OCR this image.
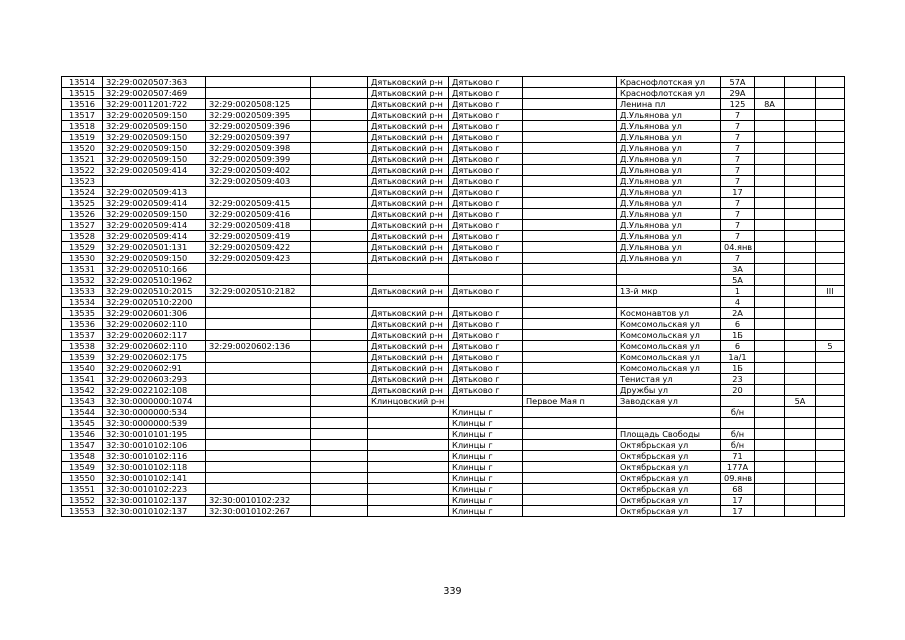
13514	32:29:0020507:363			Дятьковский р-н	Дятьково г		Краснофлотская ул	57А			
13515	32:29:0020507:469			Дятьковский р-н	Дятьково г		Краснофлотская ул	29А			
13516	32:29:0011201:722	32:29:0020508:125		Дятьковский р-н	Дятьково г		Ленина пл	125	8А		
13517	32:29:0020509:150	32:29:0020509:395		Дятьковский р-н	Дятьково г		Д.Ульянова ул	7			
13518	32:29:0020509:150	32:29:0020509:396		Дятьковский р-н	Дятьково г		Д.Ульянова ул	7			
13519	32:29:0020509:150	32:29:0020509:397		Дятьковский р-н	Дятьково г		Д.Ульянова ул	7			
13520	32:29:0020509:150	32:29:0020509:398		Дятьковский р-н	Дятьково г		Д.Ульянова ул	7			
13521	32:29:0020509:150	32:29:0020509:399		Дятьковский р-н	Дятьково г		Д.Ульянова ул	7			
13522	32:29:0020509:414	32:29:0020509:402		Дятьковский р-н	Дятьково г		Д.Ульянова ул	7			
13523		32:29:0020509:403		Дятьковский р-н	Дятьково г		Д.Ульянова ул	7			
13524	32:29:0020509:413			Дятьковский р-н	Дятьково г		Д.Ульянова ул	17			
13525	32:29:0020509:414	32:29:0020509:415		Дятьковский р-н	Дятьково г		Д.Ульянова ул	7			
13526	32:29:0020509:150	32:29:0020509:416		Дятьковский р-н	Дятьково г		Д.Ульянова ул	7			
13527	32:29:0020509:414	32:29:0020509:418		Дятьковский р-н	Дятьково г		Д.Ульянова ул	7			
13528	32:29:0020509:414	32:29:0020509:419		Дятьковский р-н	Дятьково г		Д.Ульянова ул	7			
13529	32:29:0020501:131	32:29:0020509:422		Дятьковский р-н	Дятьково г		Д.Ульянова ул	04.янв			
13530	32:29:0020509:150	32:29:0020509:423		Дятьковский р-н	Дятьково г		Д.Ульянова ул	7			
13531	32:29:0020510:166							3А			
13532	32:29:0020510:1962							5А			
13533	32:29:0020510:2015	32:29:0020510:2182		Дятьковский р-н	Дятьково г		13-й мкр	1			III
13534	32:29:0020510:2200							4			
13535	32:29:0020601:306			Дятьковский р-н	Дятьково г		Космонавтов ул	2А			
13536	32:29:0020602:110			Дятьковский р-н	Дятьково г		Комсомольская ул	6			
13537	32:29:0020602:117			Дятьковский р-н	Дятьково г		Комсомольская ул	1Б			
13538	32:29:0020602:110	32:29:0020602:136		Дятьковский р-н	Дятьково г		Комсомольская ул	6			5
13539	32:29:0020602:175			Дятьковский р-н	Дятьково г		Комсомольская ул	1а/1			
13540	32:29:0020602:91			Дятьковский р-н	Дятьково г		Комсомольская ул	1Б			
13541	32:29:0020603:293			Дятьковский р-н	Дятьково г		Тенистая ул	23			
13542	32:29:0022102:108			Дятьковский р-н	Дятьково г		Дружбы ул	20			
13543	32:30:0000000:1074			Клинцовский р-н		Первое Мая п	Заводская ул			5А	
13544	32:30:0000000:534				Клинцы г			б/н			
13545	32:30:0000000:539				Клинцы г						
13546	32:30:0010101:195				Клинцы г		Площадь Свободы	б/н			
13547	32:30:0010102:106				Клинцы г		Октябрьская ул	б/н			
13548	32:30:0010102:116				Клинцы г		Октябрьская ул	71			
13549	32:30:0010102:118				Клинцы г		Октябрьская ул	177А			
13550	32:30:0010102:141				Клинцы г		Октябрьская ул	09.янв			
13551	32:30:0010102:223				Клинцы г		Октябрьская ул	68			
13552	32:30:0010102:137	32:30:0010102:232			Клинцы г		Октябрьская ул	17			
13553	32:30:0010102:137	32:30:0010102:267			Клинцы г		Октябрьская ул	17			
339
